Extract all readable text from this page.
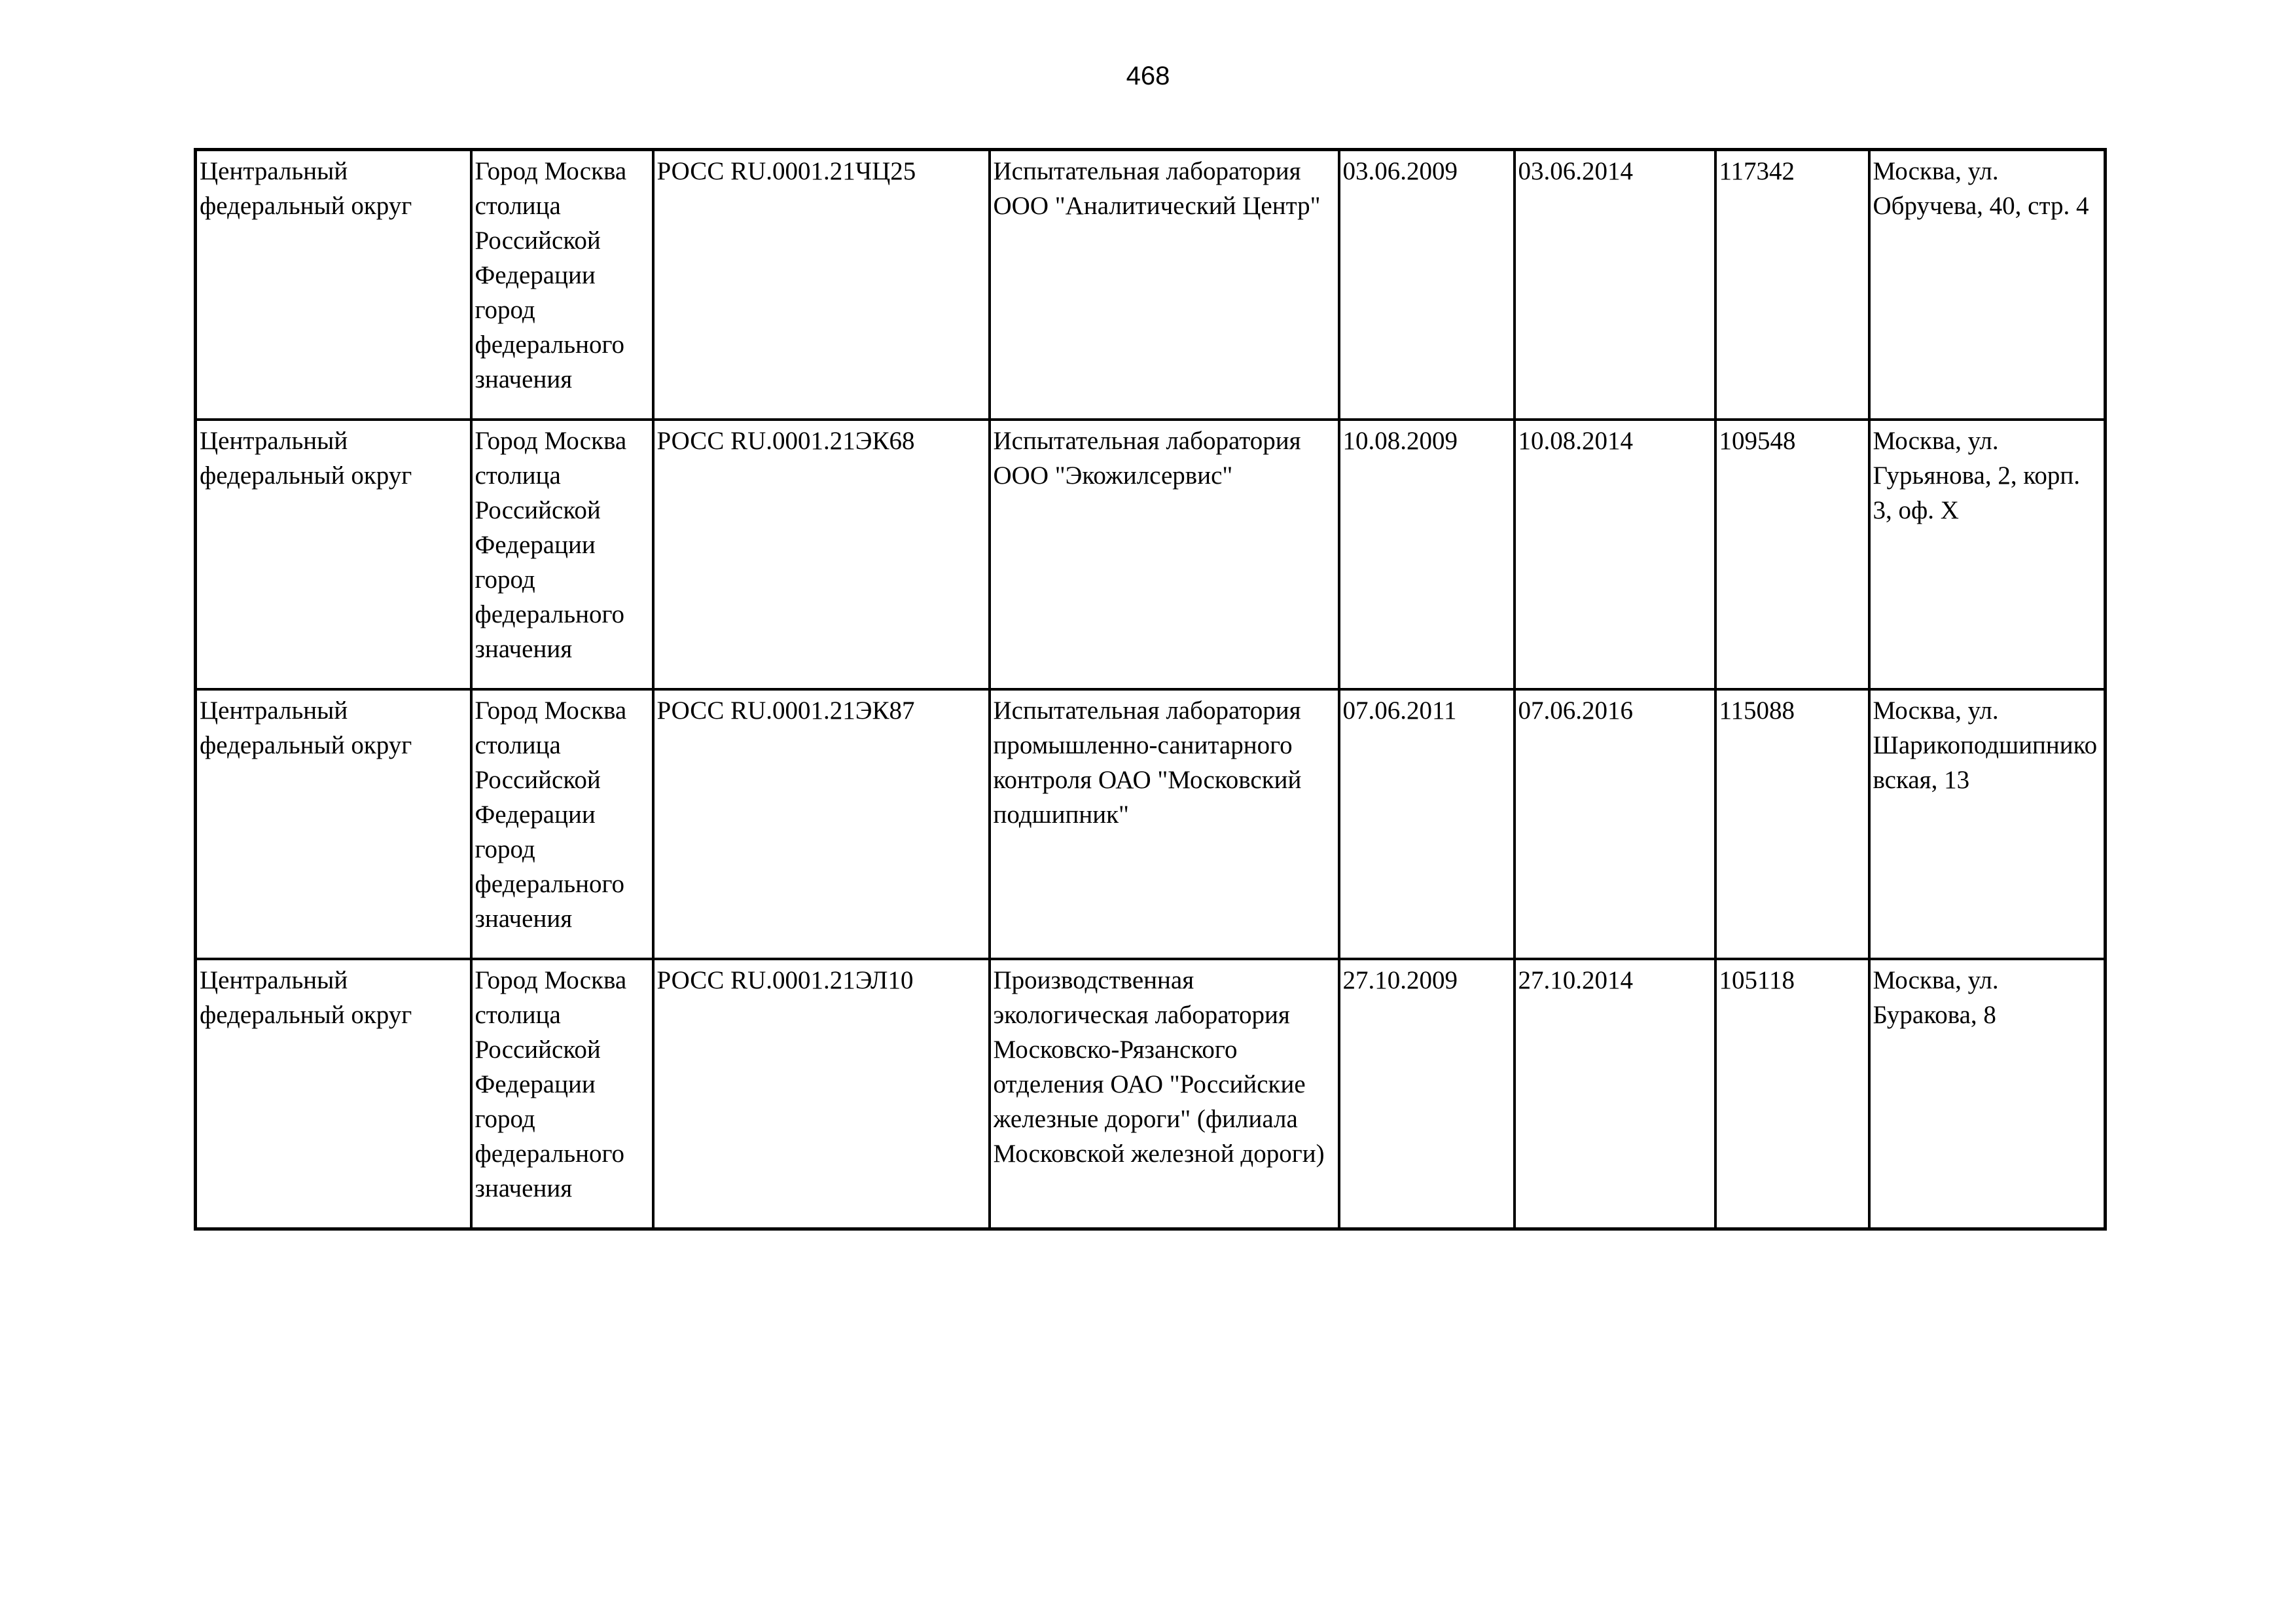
468
Центральный федеральный округ	Город Москва столица Российской Федерации город федерального значения	РОСС RU.0001.21ЧЦ25	Испытательная лаборатория ООО "Аналитический Центр"	03.06.2009	03.06.2014	117342	Москва, ул. Обручева, 40, стр. 4

Центральный федеральный округ	Город Москва столица Российской Федерации город федерального значения	РОСС RU.0001.21ЭК68	Испытательная лаборатория ООО "Экожилсервис"	10.08.2009	10.08.2014	109548	Москва, ул. Гурьянова, 2, корп. 3, оф. X

Центральный федеральный округ	Город Москва столица Российской Федерации город федерального значения	РОСС RU.0001.21ЭК87	Испытательная лаборатория промышленно-санитарного контроля ОАО "Московский подшипник"	07.06.2011	07.06.2016	115088	Москва, ул. Шарикоподшипниковская, 13

Центральный федеральный округ	Город Москва столица Российской Федерации город федерального значения	РОСС RU.0001.21ЭЛ10	Производственная экологическая лаборатория Московско-Рязанского отделения ОАО "Российские железные дороги" (филиала Московской железной дороги)	27.10.2009	27.10.2014	105118	Москва, ул. Буракова, 8
